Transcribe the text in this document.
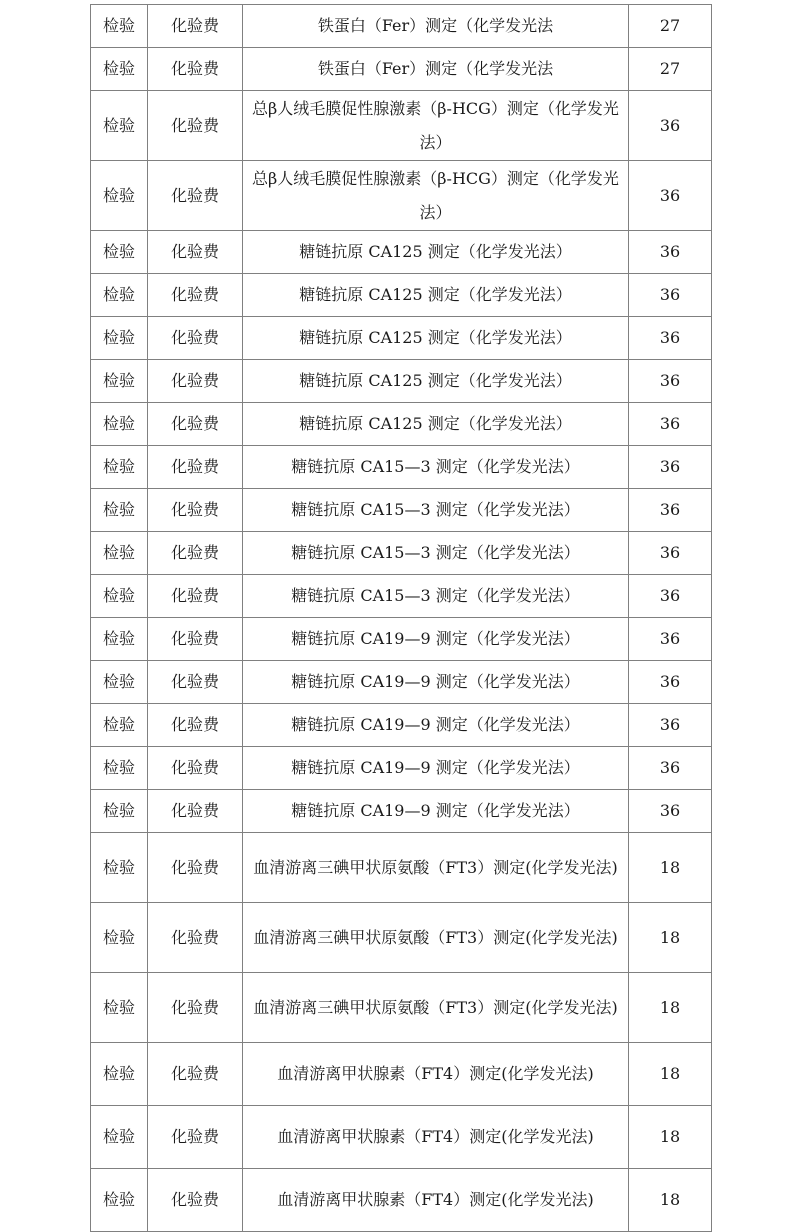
检验	化验费	铁蛋白（Fer）测定（化学发光法	27
检验	化验费	铁蛋白（Fer）测定（化学发光法	27
检验	化验费	总β人绒毛膜促性腺激素（β-HCG）测定（化学发光法）	36
检验	化验费	总β人绒毛膜促性腺激素（β-HCG）测定（化学发光法）	36
检验	化验费	糖链抗原 CA125 测定（化学发光法）	36
检验	化验费	糖链抗原 CA125 测定（化学发光法）	36
检验	化验费	糖链抗原 CA125 测定（化学发光法）	36
检验	化验费	糖链抗原 CA125 测定（化学发光法）	36
检验	化验费	糖链抗原 CA125 测定（化学发光法）	36
检验	化验费	糖链抗原 CA15—3 测定（化学发光法）	36
检验	化验费	糖链抗原 CA15—3 测定（化学发光法）	36
检验	化验费	糖链抗原 CA15—3 测定（化学发光法）	36
检验	化验费	糖链抗原 CA15—3 测定（化学发光法）	36
检验	化验费	糖链抗原 CA19—9 测定（化学发光法）	36
检验	化验费	糖链抗原 CA19—9 测定（化学发光法）	36
检验	化验费	糖链抗原 CA19—9 测定（化学发光法）	36
检验	化验费	糖链抗原 CA19—9 测定（化学发光法）	36
检验	化验费	糖链抗原 CA19—9 测定（化学发光法）	36
检验	化验费	血清游离三碘甲状原氨酸（FT3）测定(化学发光法)	18
检验	化验费	血清游离三碘甲状原氨酸（FT3）测定(化学发光法)	18
检验	化验费	血清游离三碘甲状原氨酸（FT3）测定(化学发光法)	18
检验	化验费	血清游离甲状腺素（FT4）测定(化学发光法)	18
检验	化验费	血清游离甲状腺素（FT4）测定(化学发光法)	18
检验	化验费	血清游离甲状腺素（FT4）测定(化学发光法)	18
